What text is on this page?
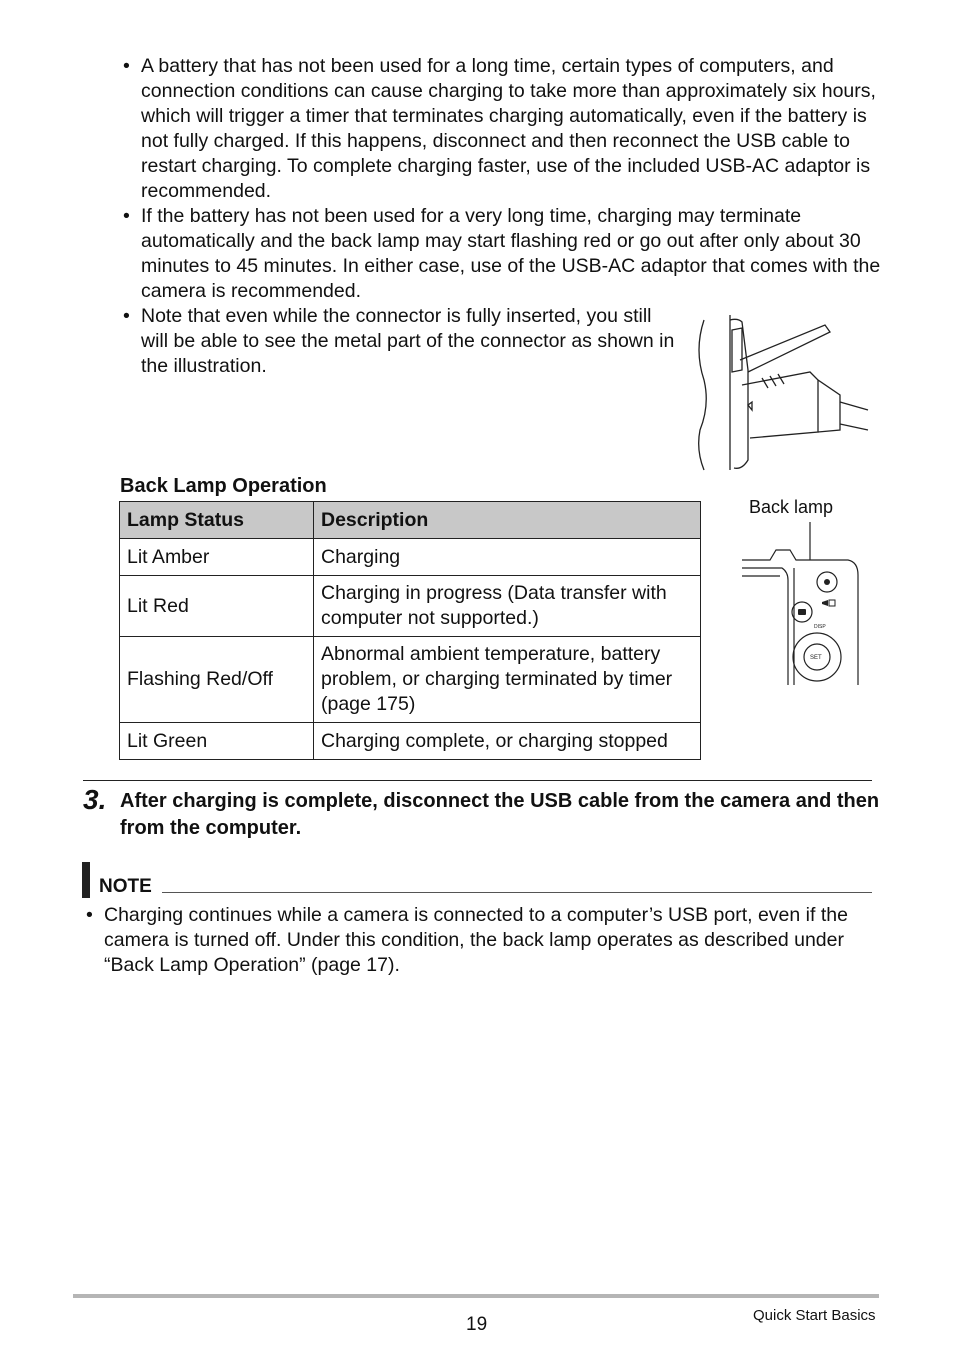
• A battery that has not been used for a long time, certain types of computers, and connection conditions can cause charging to take more than approximately six hours, which will trigger a timer that terminates charging automatically, even if the battery is not fully charged. If this happens, disconnect and then reconnect the USB cable to restart charging. To complete charging faster, use of the included USB-AC adaptor is recommended.
• If the battery has not been used for a very long time, charging may terminate automatically and the back lamp may start flashing red or go out after only about 30 minutes to 45 minutes. In either case, use of the USB-AC adaptor that comes with the camera is recommended.
• Note that even while the connector is fully inserted, you still will be able to see the metal part of the connector as shown in the illustration.
Back Lamp Operation
Lamp Status	Description
Lit Amber	Charging
Lit Red	Charging in progress (Data transfer with computer not supported.)
Flashing Red/Off	Abnormal ambient temperature, battery problem, or charging terminated by timer (page 175)
Lit Green	Charging complete, or charging stopped
Back lamp
DISP
SET
3. After charging is complete, disconnect the USB cable from the camera and then from the computer.
NOTE
• Charging continues while a camera is connected to a computer’s USB port, even if the camera is turned off. Under this condition, the back lamp operates as described under “Back Lamp Operation” (page 17).
19	Quick Start Basics
